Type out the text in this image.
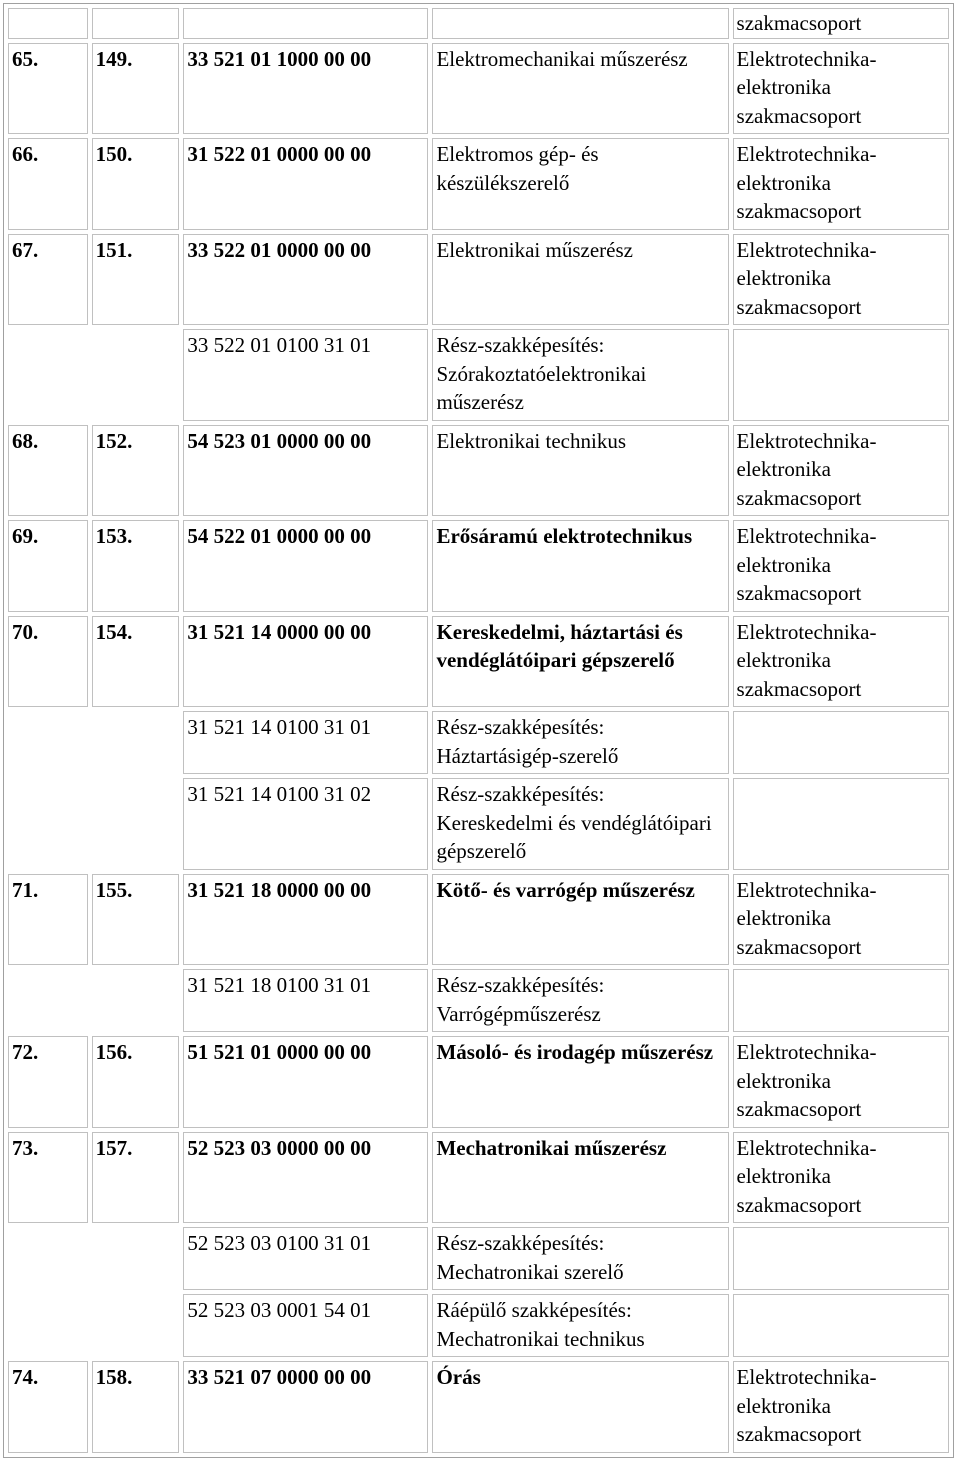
				szakmacsoport
65.	149.	33 521 01 1000 00 00	Elektromechanikai műszerész	Elektrotechnika-
elektronika
szakmacsoport

66.	150.	31 522 01 0000 00 00	Elektromos gép- és készülékszerelő	Elektrotechnika-
elektronika
szakmacsoport

67.	151.	33 522 01 0000 00 00	Elektronikai műszerész	Elektrotechnika-
elektronika
szakmacsoport

		33 522 01 0100 31 01	Rész-szakképesítés: Szórakoztatóelektronikai műszerész	
68.	152.	54 523 01 0000 00 00	Elektronikai technikus	Elektrotechnika-
elektronika
szakmacsoport

69.	153.	54 522 01 0000 00 00	Erősáramú elektrotechnikus	Elektrotechnika-
elektronika
szakmacsoport

70.	154.	31 521 14 0000 00 00	Kereskedelmi, háztartási és vendéglátóipari gépszerelő	Elektrotechnika-
elektronika
szakmacsoport

		31 521 14 0100 31 01	Rész-szakképesítés: Háztartásigép-szerelő	
		31 521 14 0100 31 02	Rész-szakképesítés: Kereskedelmi és vendéglátóipari gépszerelő	
71.	155.	31 521 18 0000 00 00	Kötő- és varrógép műszerész	Elektrotechnika-
elektronika
szakmacsoport

		31 521 18 0100 31 01	Rész-szakképesítés: Varrógépműszerész	
72.	156.	51 521 01 0000 00 00	Másoló- és irodagép műszerész	Elektrotechnika-
elektronika
szakmacsoport

73.	157.	52 523 03 0000 00 00	Mechatronikai műszerész	Elektrotechnika-
elektronika
szakmacsoport

		52 523 03 0100 31 01	Rész-szakképesítés: Mechatronikai szerelő	
		52 523 03 0001 54 01	Ráépülő szakképesítés: Mechatronikai technikus	
74.	158.	33 521 07 0000 00 00	Órás	Elektrotechnika-
elektronika
szakmacsoport
